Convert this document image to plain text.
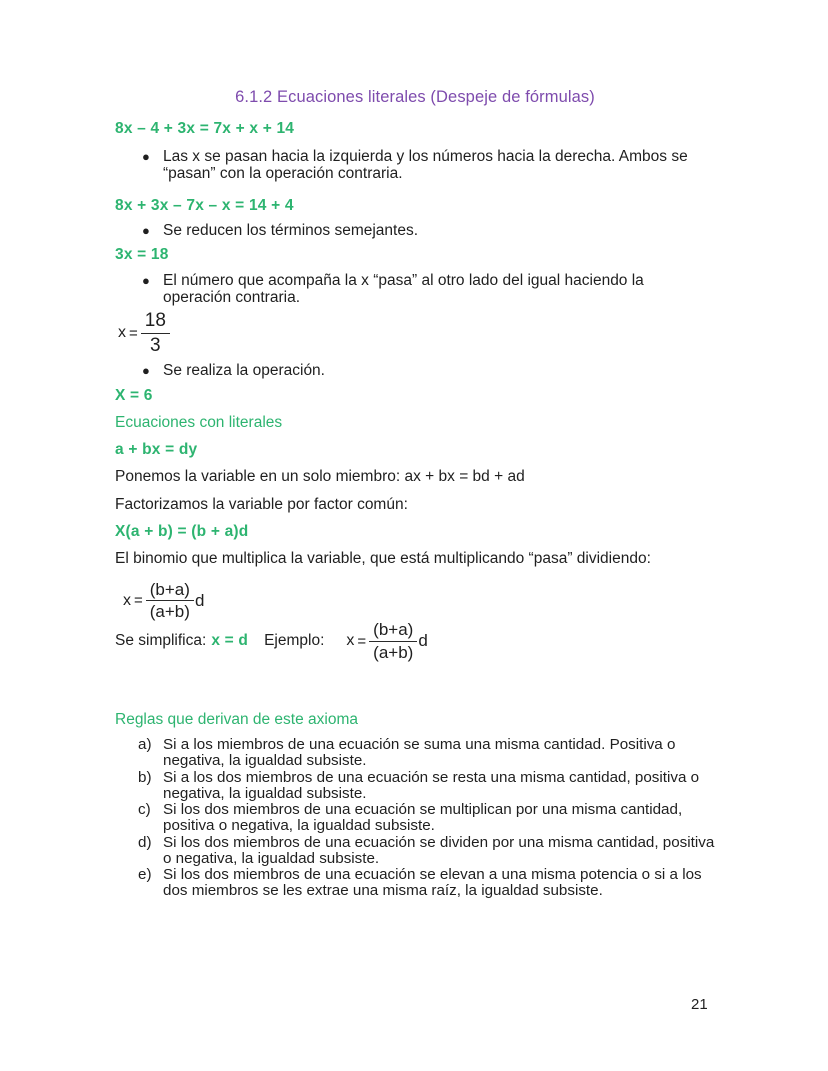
6.1.2 Ecuaciones literales (Despeje de fórmulas)
8x – 4 + 3x = 7x + x + 14
● Las x se pasan hacia la izquierda y los números hacia la derecha. Ambos se “pasan” con la operación contraria.
8x + 3x – 7x – x = 14 + 4
● Se reducen los términos semejantes.
3x = 18
● El número que acompaña la x “pasa” al otro lado del igual haciendo la operación contraria.
$x = \frac{18}{3}$
● Se realiza la operación.
X = 6
Ecuaciones con literales
a + bx = dy
Ponemos la variable en un solo miembro: ax + bx = bd + ad
Factorizamos la variable por factor común:
X(a + b) = (b + a)d
El binomio que multiplica la variable, que está multiplicando “pasa” dividiendo:
$x = \frac{(b+a)}{(a+b)}$ d
Se simplifica: x = d Ejemplo: $x = \frac{(b+a)}{(a+b)}$ d
Reglas que derivan de este axioma
a) Si a los miembros de una ecuación se suma una misma cantidad. Positiva o negativa, la igualdad subsiste.
b) Si a los dos miembros de una ecuación se resta una misma cantidad, positiva o negativa, la igualdad subsiste.
c) Si los dos miembros de una ecuación se multiplican por una misma cantidad, positiva o negativa, la igualdad subsiste.
d) Si los dos miembros de una ecuación se dividen por una misma cantidad, positiva o negativa, la igualdad subsiste.
e) Si los dos miembros de una ecuación se elevan a una misma potencia o si a los dos miembros se les extrae una misma raíz, la igualdad subsiste.
21
